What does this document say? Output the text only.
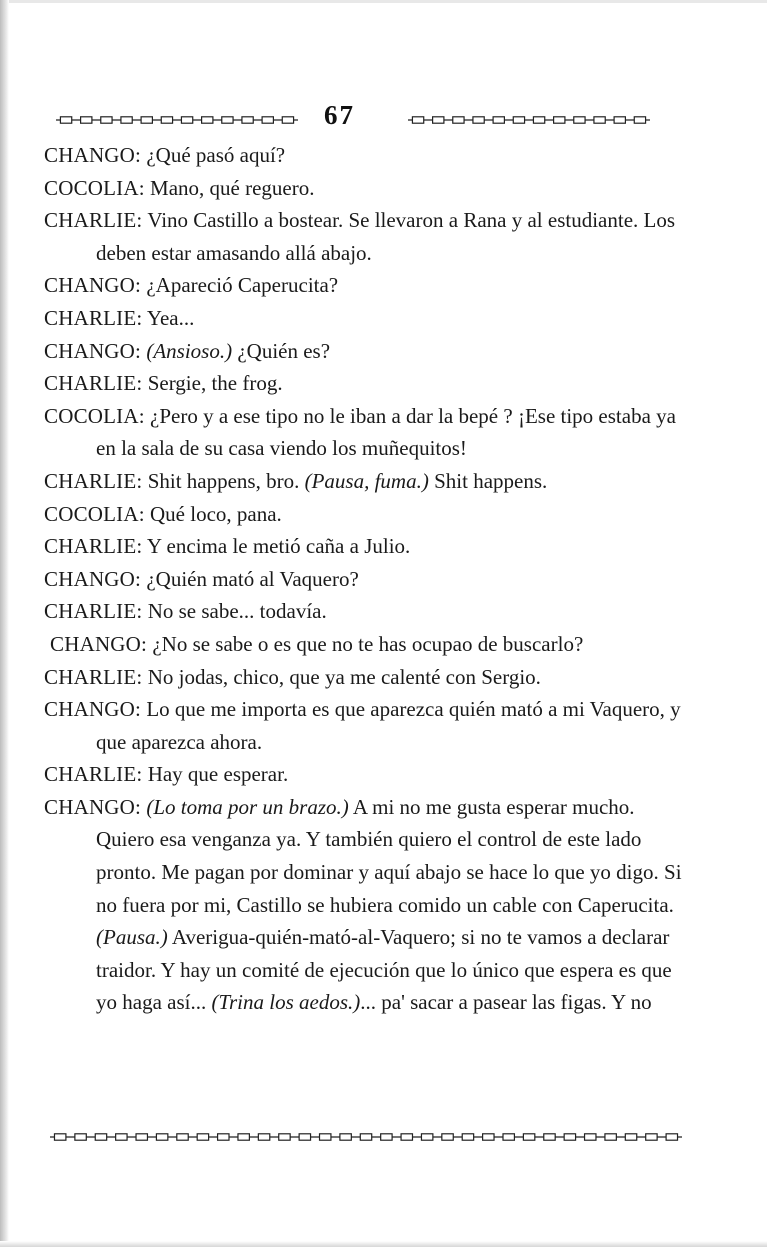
67

CHANGO: ¿Qué pasó aquí?

COCOLIA: Mano, qué reguero.

CHARLIE: Vino Castillo a bostear. Se llevaron a Rana y al estudiante. Los deben estar amasando allá abajo.

CHANGO: ¿Apareció Caperucita?

CHARLIE: Yea...

CHANGO: (Ansioso.) ¿Quién es?

CHARLIE: Sergie, the frog.

COCOLIA: ¿Pero y a ese tipo no le iban a dar la bepé ? ¡Ese tipo estaba ya en la sala de su casa viendo los muñequitos!

CHARLIE: Shit happens, bro. (Pausa, fuma.) Shit happens.

COCOLIA: Qué loco, pana.

CHARLIE: Y encima le metió caña a Julio.

CHANGO: ¿Quién mató al Vaquero?

CHARLIE: No se sabe... todavía.

CHANGO: ¿No se sabe o es que no te has ocupao de buscarlo?

CHARLIE: No jodas, chico, que ya me calenté con Sergio.

CHANGO: Lo que me importa es que aparezca quién mató a mi Vaquero, y que aparezca ahora.

CHARLIE: Hay que esperar.

CHANGO: (Lo toma por un brazo.) A mi no me gusta esperar mucho. Quiero esa venganza ya. Y también quiero el control de este lado pronto. Me pagan por dominar y aquí abajo se hace lo que yo digo. Si no fuera por mi, Castillo se hubiera comido un cable con Caperucita. (Pausa.) Averigua-quién-mató-al-Vaquero; si no te vamos a declarar traidor. Y hay un comité de ejecución que lo único que espera es que yo haga así... (Trina los aedos.)... pa' sacar a pasear las figas. Y no
